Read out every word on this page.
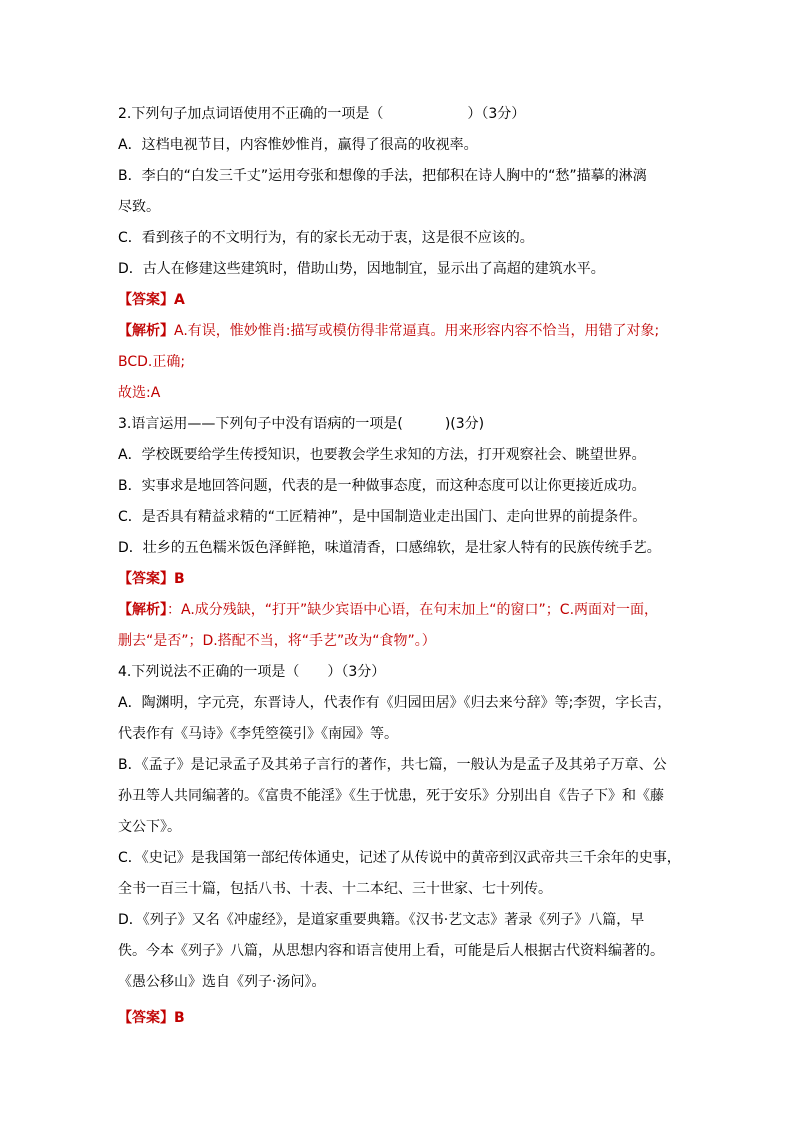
2.下列句子加点词语使用不正确的一项是（　　　　　　）（3分）
A．这档电视节目，内容惟妙惟肖，赢得了很高的收视率。
B．李白的“白发三千丈”运用夸张和想像的手法，把郁积在诗人胸中的“愁”描摹的淋漓
尽致。
C．看到孩子的不文明行为，有的家长无动于衷，这是很不应该的。
D．古人在修建这些建筑时，借助山势，因地制宜，显示出了高超的建筑水平。
【答案】A
【解析】A.有误，惟妙惟肖:描写或模仿得非常逼真。用来形容内容不恰当，用错了对象;
BCD.正确;
故选:A
3.语言运用——下列句子中没有语病的一项是(　　　)(3分)
A．学校既要给学生传授知识，也要教会学生求知的方法，打开观察社会、眺望世界。
B．实事求是地回答问题，代表的是一种做事态度，而这种态度可以让你更接近成功。
C．是否具有精益求精的“工匠精神”，是中国制造业走出国门、走向世界的前提条件。
D．壮乡的五色糯米饭色泽鲜艳，味道清香，口感绵软，是壮家人特有的民族传统手艺。
【答案】B
【解析】：A.成分残缺，“打开”缺少宾语中心语，在句末加上“的窗口”；C.两面对一面，
删去“是否”；D.搭配不当，将“手艺”改为“食物”。）
4.下列说法不正确的一项是（　　）（3分）
A．陶渊明，字元亮，东晋诗人，代表作有《归园田居》《归去来兮辞》等;李贺，字长吉，
代表作有《马诗》《李凭箜篌引》《南园》等。
B．《孟子》是记录孟子及其弟子言行的著作，共七篇，一般认为是孟子及其弟子万章、公
孙丑等人共同编著的。《富贵不能淫》《生于忧患，死于安乐》分别出自《告子下》和《藤
文公下》。
C．《史记》是我国第一部纪传体通史，记述了从传说中的黄帝到汉武帝共三千余年的史事，
全书一百三十篇，包括八书、十表、十二本纪、三十世家、七十列传。
D．《列子》又名《冲虚经》，是道家重要典籍。《汉书·艺文志》著录《列子》八篇，早
佚。今本《列子》八篇，从思想内容和语言使用上看，可能是后人根据古代资料编著的。
《愚公移山》选自《列子·汤问》。
【答案】B
